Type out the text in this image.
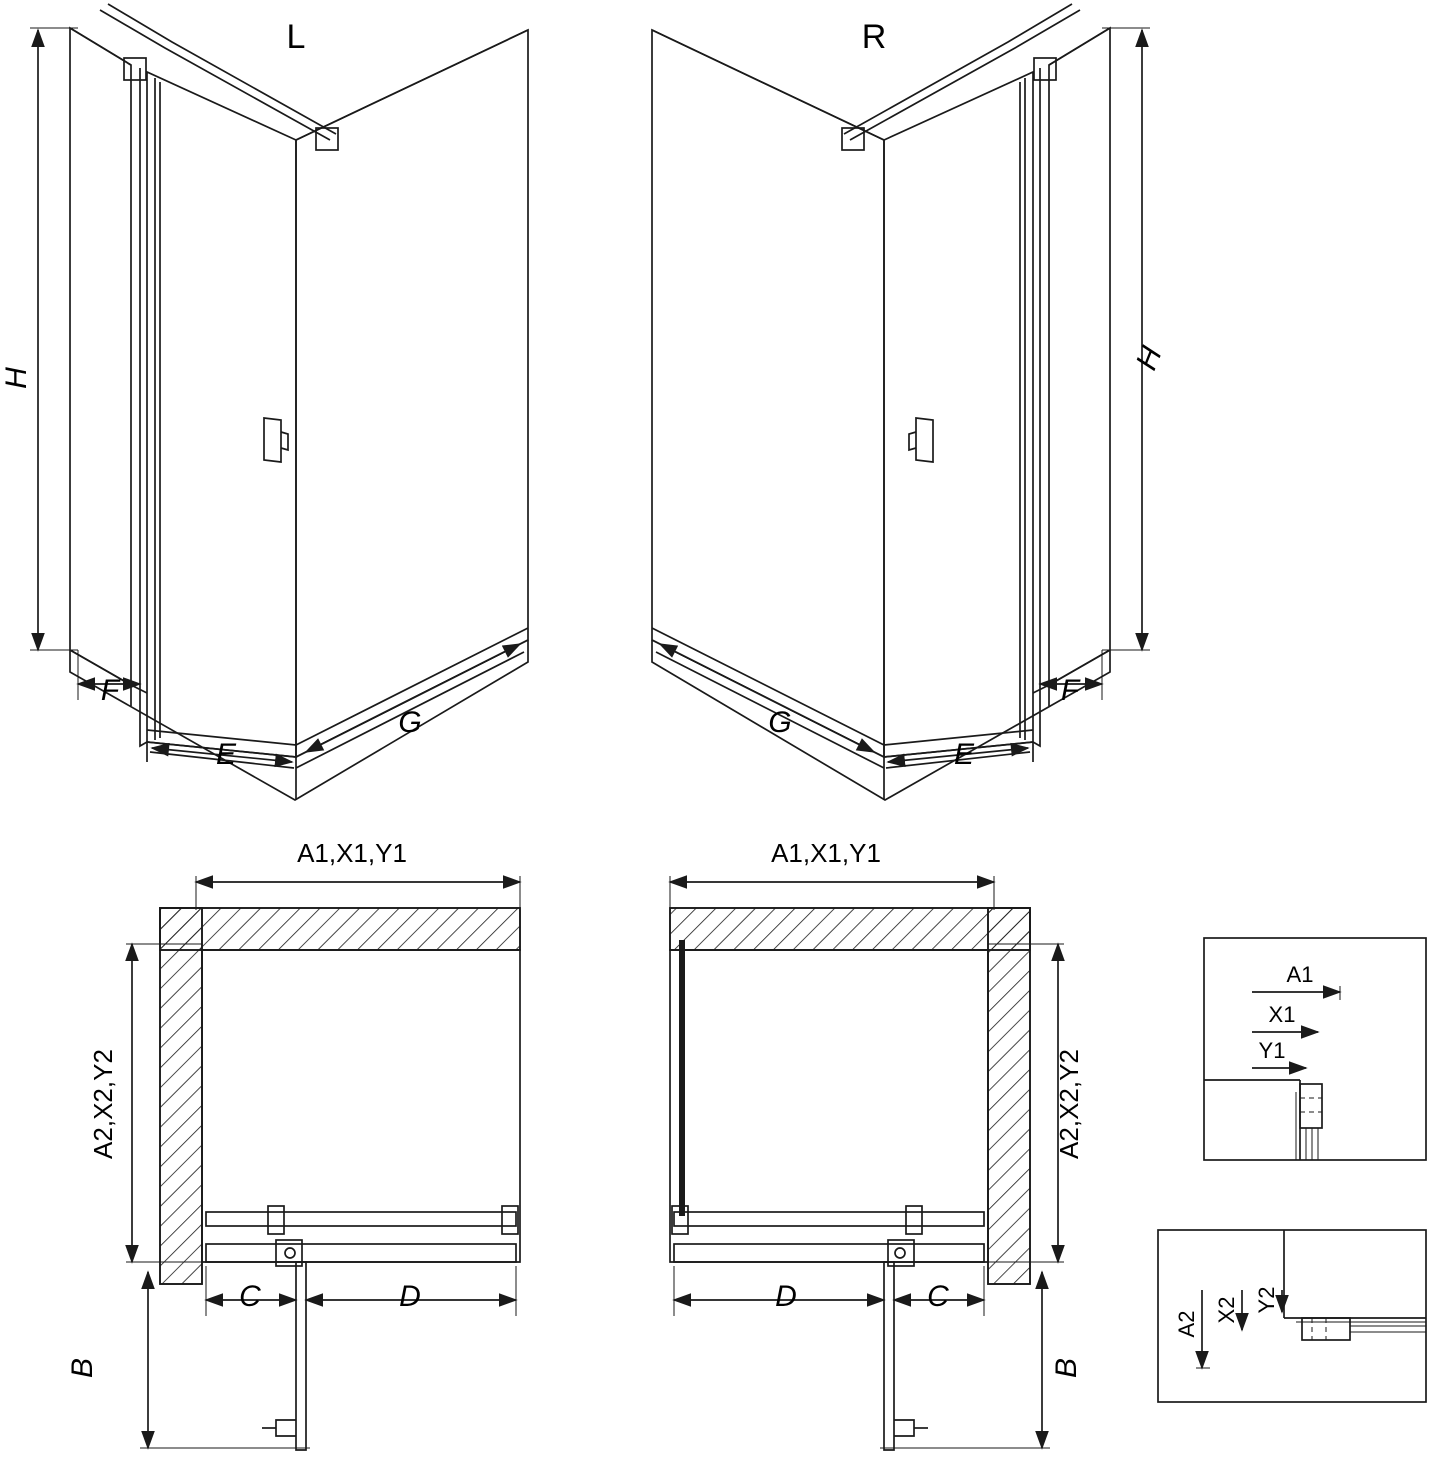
L	R
H
H
F
E
G
F
E
G
A1,X1,Y1	A1,X1,Y1
A2,X2,Y2	A2,X2,Y2
C	D	D	C
B	B
A1
X1
Y1
A2
X2 Y2
